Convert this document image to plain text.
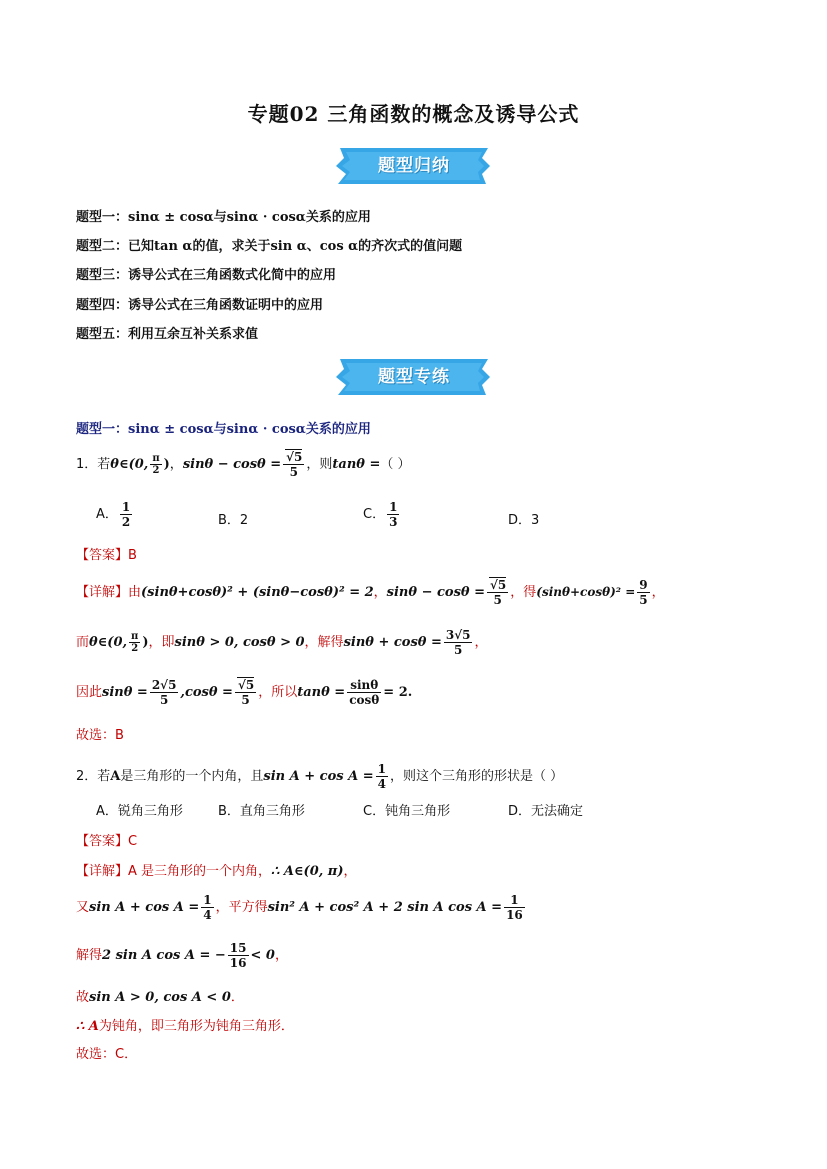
专题02 三角函数的概念及诱导公式
题型归纳
题型一：sinα ± cosα与sinα · cosα关系的应用
题型二：已知tan α的值，求关于sin α、cos α的齐次式的值问题
题型三：诱导公式在三角函数式化简中的应用
题型四：诱导公式在三角函数证明中的应用
题型五：利用互余互补关系求值
题型专练
题型一：sinα ± cosα与sinα · cosα关系的应用
1．若θ∈(0, $\frac{\pi}{2}$ )，$\sin\theta - \cos\theta = \frac{√5}{5}$ ，则tanθ =（ ）
A． $\frac{1}{2}$	B．2	C． $\frac{1}{3}$	D．3
【答案】B
【详解】由(sinθ+cosθ)² + (sinθ−cosθ)² = 2，$\sin\theta - \cos\theta = \frac{√5}{5}$ ，得$(\sin\theta+\cos\theta)^2 = \frac{9}{5}$ ，
而θ∈(0, $\frac{\pi}{2}$ )，即sinθ > 0, cosθ > 0，解得$\sin\theta + \cos\theta = \frac{3√5}{5}$ ，
因此$\sin\theta = \frac{2√5}{5} ,\cos\theta = \frac{√5}{5}$ ，所以$\tan\theta = \frac{\sin\theta}{\cos\theta} = 2$.
故选：B
2．若A是三角形的一个内角，且$\sin A + \cos A = \frac{1}{4}$ ，则这个三角形的形状是（ ）
A．锐角三角形	B．直角三角形	C．钝角三角形	D．无法确定
【答案】C
【详解】A 是三角形的一个内角，∴ A∈(0, π)，
又$\sin A + \cos A = \frac{1}{4}$ ，平方得sin² A + cos² A + 2 sin A $\cos A = \frac{1}{16}$
解得2 sin A cos A = − $\frac{15}{16} < 0$，
故sin A > 0, cos A < 0．
∴ A为钝角，即三角形为钝角三角形．
故选：C．
